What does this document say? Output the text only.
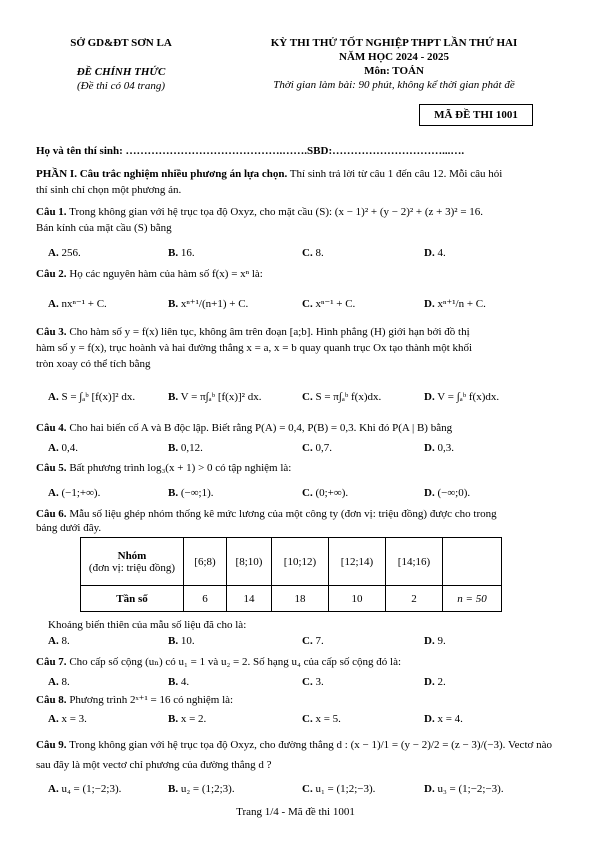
SỞ GD&ĐT SƠN LA
ĐỀ CHÍNH THỨC
(Đề thi có 04 trang)
KỲ THI THỬ TỐT NGHIỆP THPT LẦN THỨ HAI
NĂM HỌC 2024 - 2025
Môn: TOÁN
Thời gian làm bài: 90 phút, không kể thời gian phát đề
MÃ ĐỀ THI 1001
Họ và tên thí sinh: …………………………………….…….SBD:…………………………...….
PHẦN I. Câu trắc nghiệm nhiều phương án lựa chọn. Thí sinh trả lời từ câu 1 đến câu 12. Mỗi câu hỏi
thí sinh chỉ chọn một phương án.
Câu 1. Trong không gian với hệ trục tọa độ Oxyz, cho mặt cầu (S): (x − 1)² + (y − 2)² + (z + 3)² = 16.
Bán kính của mặt cầu (S) bằng
A. 256.	B. 16.	C. 8.	D. 4.
Câu 2. Họ các nguyên hàm của hàm số f(x) = xⁿ là:
A. nxⁿ⁻¹ + C.	B. xⁿ⁺¹/(n+1) + C.	C. xⁿ⁻¹ + C.	D. xⁿ⁺¹/n + C.
Câu 3. Cho hàm số y = f(x) liên tục, không âm trên đoạn [a;b]. Hình phẳng (H) giới hạn bởi đồ thị
hàm số y = f(x), trục hoành và hai đường thẳng x = a, x = b quay quanh trục Ox tạo thành một khối
tròn xoay có thể tích bằng
A. S = ∫ₐᵇ [f(x)]² dx.	B. V = π∫ₐᵇ [f(x)]² dx.	C. S = π∫ₐᵇ f(x)dx.	D. V = ∫ₐᵇ f(x)dx.
Câu 4. Cho hai biến cố A và B độc lập. Biết rằng P(A) = 0,4, P(B) = 0,3. Khi đó P(A | B) bằng
A. 0,4.	B. 0,12.	C. 0,7.	D. 0,3.
Câu 5. Bất phương trình log₃(x + 1) > 0 có tập nghiệm là:
A. (−1;+∞).	B. (−∞;1).	C. (0;+∞).	D. (−∞;0).
Câu 6. Mẫu số liệu ghép nhóm thống kê mức lương của một công ty (đơn vị: triệu đồng) được cho trong
bảng dưới đây.
Nhóm
(đơn vị: triệu đồng)	[6;8)	[8;10)	[10;12)	[12;14)	[14;16)	
Tần số	6	14	18	10	2	n = 50
Khoảng biến thiên của mẫu số liệu đã cho là:
A. 8.	B. 10.	C. 7.	D. 9.
Câu 7. Cho cấp số cộng (uₙ) có u₁ = 1 và u₂ = 2. Số hạng u₄ của cấp số cộng đó là:
A. 8.	B. 4.	C. 3.	D. 2.
Câu 8. Phương trình 2ˣ⁺¹ = 16 có nghiệm là:
A. x = 3.	B. x = 2.	C. x = 5.	D. x = 4.
Câu 9. Trong không gian với hệ trục tọa độ Oxyz, cho đường thẳng d : (x − 1)/1 = (y − 2)/2 = (z − 3)/(−3). Vectơ nào
sau đây là một vectơ chỉ phương của đường thẳng d ?
A. u₄ = (1;−2;3).	B. u₂ = (1;2;3).	C. u₁ = (1;2;−3).	D. u₃ = (1;−2;−3).
Trang 1/4 - Mã đề thi 1001
